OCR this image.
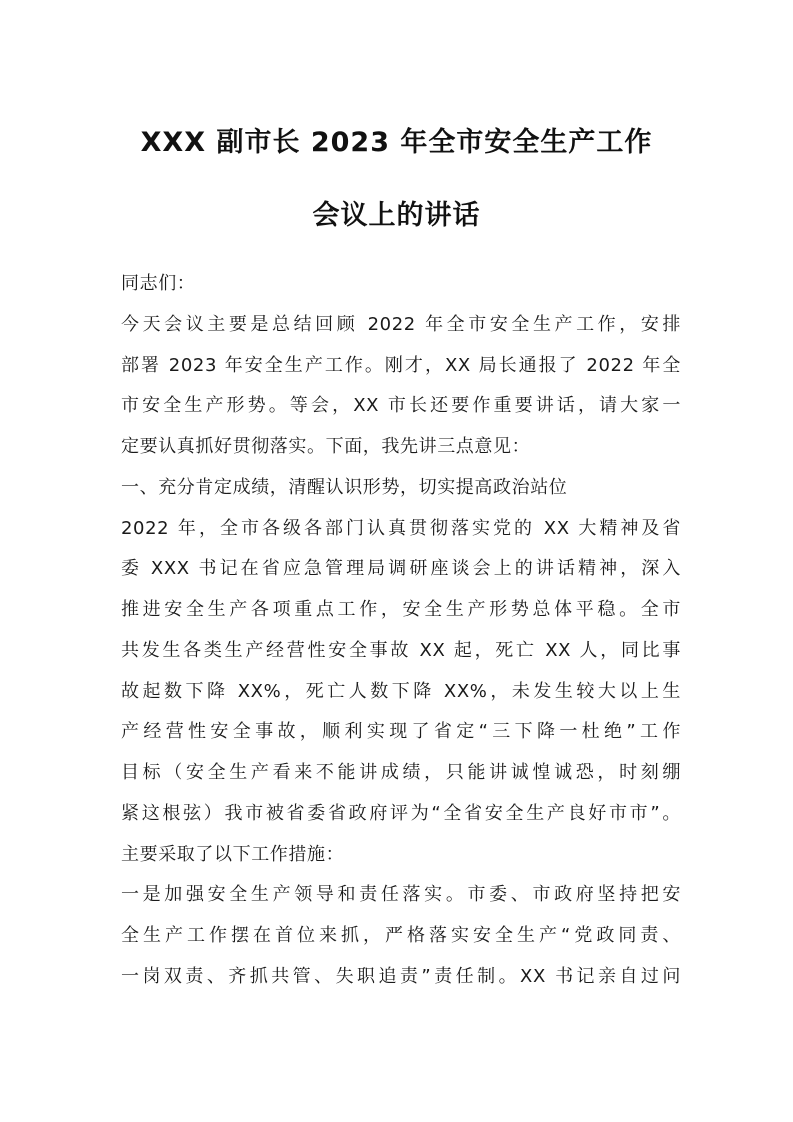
XXX 副市长 2023 年全市安全生产工作
会议上的讲话
同志们：
今天会议主要是总结回顾 2022 年全市安全生产工作，安排
部署 2023 年安全生产工作。刚才，XX 局长通报了 2022 年全
市安全生产形势。等会，XX 市长还要作重要讲话，请大家一
定要认真抓好贯彻落实。下面，我先讲三点意见：
一、充分肯定成绩，清醒认识形势，切实提高政治站位
2022 年，全市各级各部门认真贯彻落实党的 XX 大精神及省
委 XXX 书记在省应急管理局调研座谈会上的讲话精神，深入
推进安全生产各项重点工作，安全生产形势总体平稳。全市
共发生各类生产经营性安全事故 XX 起，死亡 XX 人，同比事
故起数下降 XX%，死亡人数下降 XX%，未发生较大以上生
产经营性安全事故，顺利实现了省定“三下降一杜绝”工作
目标（安全生产看来不能讲成绩，只能讲诚惶诚恐，时刻绷
紧这根弦）我市被省委省政府评为“全省安全生产良好市市”。
主要采取了以下工作措施：
一是加强安全生产领导和责任落实。市委、市政府坚持把安
全生产工作摆在首位来抓，严格落实安全生产“党政同责、
一岗双责、齐抓共管、失职追责”责任制。XX 书记亲自过问
